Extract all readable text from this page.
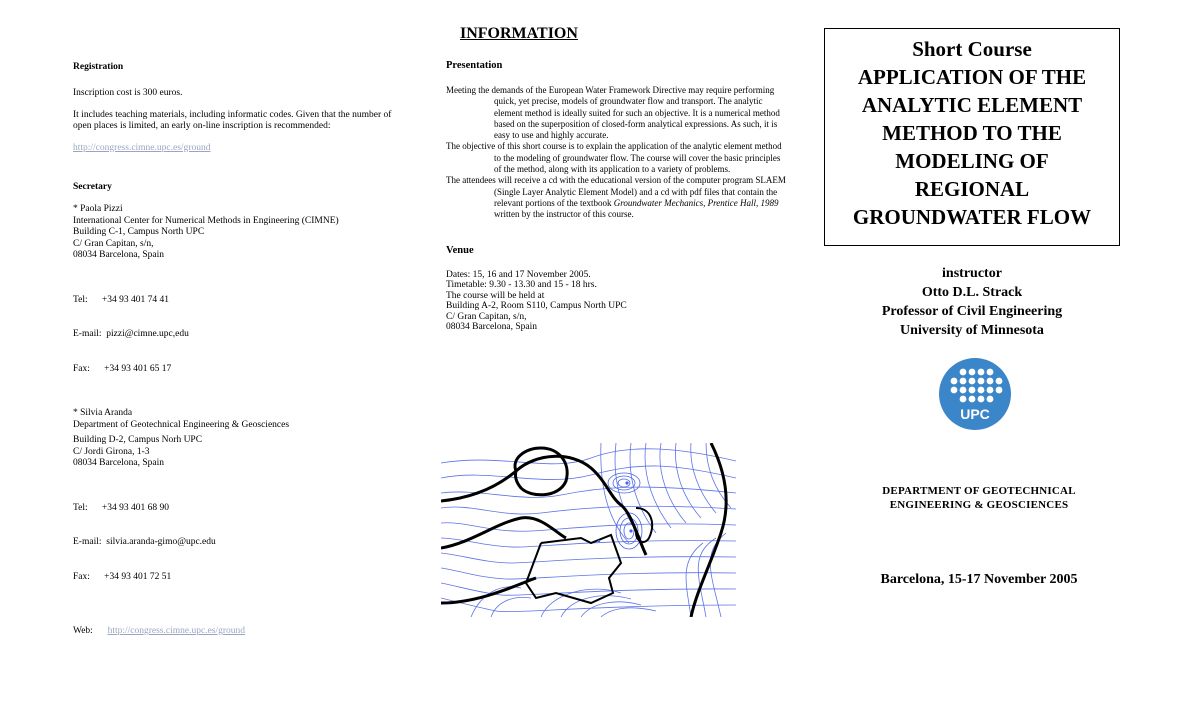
INFORMATION
Registration
Inscription cost is 300 euros.
It includes teaching materials, including informatic codes. Given that the number of open places is limited, an early on-line inscription is recommended:
http://congress.cimne.upc.es/ground
Secretary
* Paola Pizzi
International Center for Numerical Methods in Engineering (CIMNE)
Building C-1, Campus North UPC
C/ Gran Capitan, s/n,
08034 Barcelona, Spain

Tel:      +34 93 401 74 41

E-mail:  pizzi@cimne.upc,edu

Fax:      +34 93 401 65 17

* Silvia Aranda
Department of Geotechnical Engineering & Geosciences
Building D-2, Campus Norh UPC
C/ Jordi Girona, 1-3
08034 Barcelona, Spain

Tel:      +34 93 401 68 90

E-mail:  silvia.aranda-gimo@upc.edu

Fax:      +34 93 401 72 51

Web: http://congress.cimne.upc.es/ground
Presentation
Meeting the demands of the European Water Framework Directive may require performing quick, yet precise, models of groundwater flow and transport. The analytic element method is ideally suited for such an objective. It is a numerical method based on the superposition of closed-form analytical expressions. As such, it is easy to use and highly accurate.
The objective of this short course is to explain the application of the analytic element method to the modeling of groundwater flow. The course will cover the basic principles of the method, along with its application to a variety of problems.
The attendees will receive a cd with the educational version of the computer program SLAEM (Single Layer Analytic Element Model) and a cd with pdf files that contain the relevant portions of the textbook Groundwater Mechanics, Prentice Hall, 1989 written by the instructor of this course.
Venue
Dates: 15, 16 and 17 November 2005.
Timetable: 9.30 - 13.30 and 15 - 18 hrs.
The course will be held at
Building A-2, Room S110, Campus North UPC
C/ Gran Capitan, s/n,
08034 Barcelona, Spain
Short Course
APPLICATION OF THE
ANALYTIC ELEMENT
METHOD TO THE
MODELING OF
REGIONAL
GROUNDWATER FLOW
instructor
Otto D.L. Strack
Professor of Civil Engineering
University of Minnesota
UPC
DEPARTMENT OF GEOTECHNICAL
ENGINEERING & GEOSCIENCES
Barcelona, 15-17 November 2005
